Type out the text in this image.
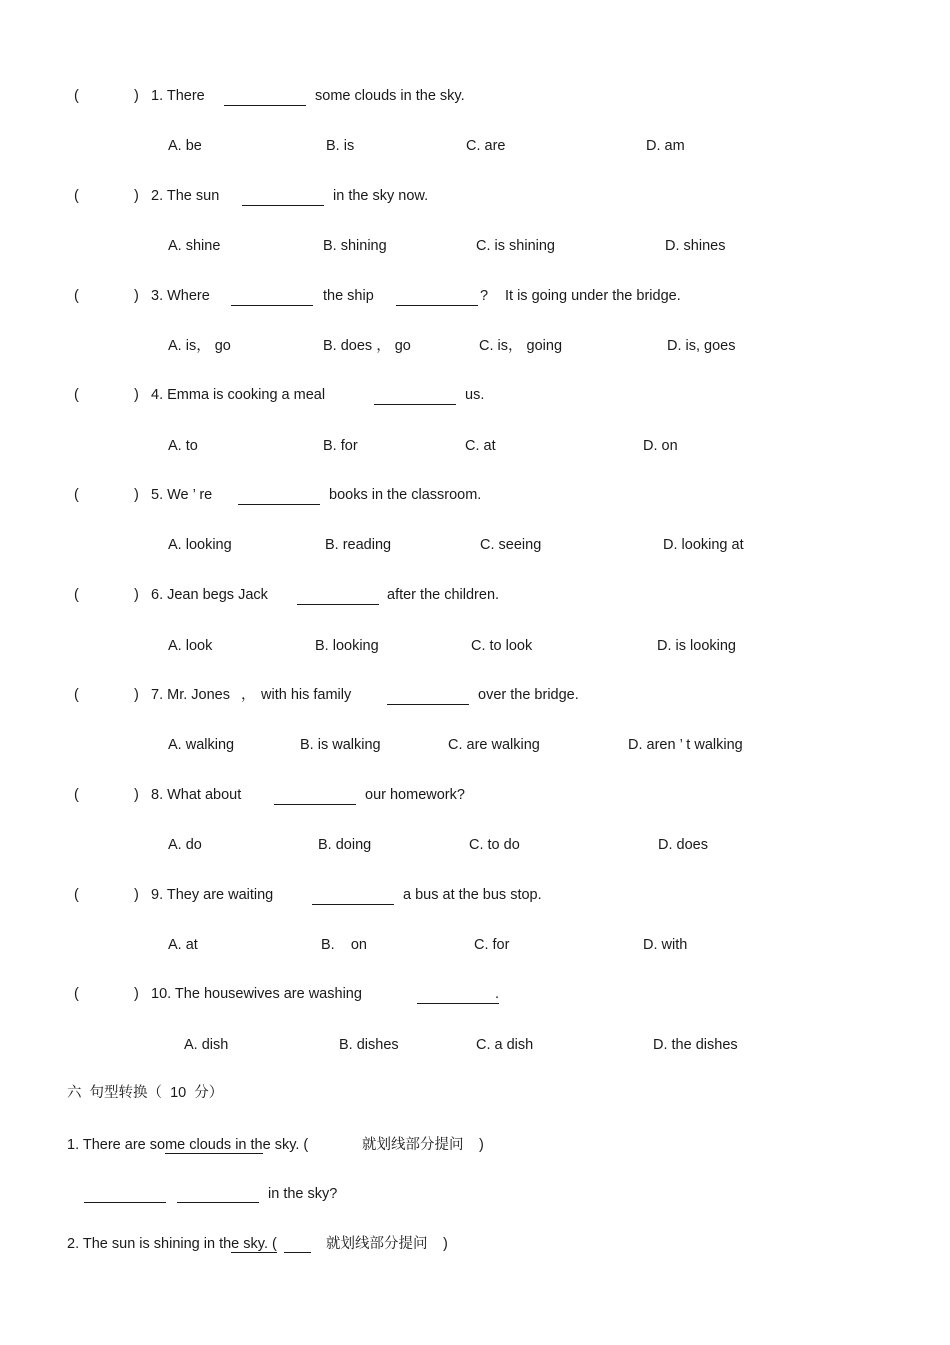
(	) 1. There	some clouds in the sky.
A. be	B. is	C. are	D. am
(	) 2. The sun	in the sky now.
A. shine	B. shining	C. is shining	D. shines
(	) 3. Where	the ship	? It is going under the bridge.
A. is， go	B. does ， go	C. is， going	D. is, goes
(	) 4. Emma is cooking a meal	us.
A. to	B. for	C. at	D. on
(	) 5. We ’ re	books in the classroom.
A. looking	B. reading	C. seeing	D. looking at
(	) 6. Jean begs Jack	after the children.
A. look	B. looking	C. to look	D. is looking
(	) 7. Mr. Jones ， with his family	over the bridge.
A. walking	B. is walking	C. are walking	D. aren ’ t walking
(	) 8. What about	our homework?
A. do	B. doing	C. to do	D. does
(	) 9. They are waiting	a bus at the bus stop.
A. at	B.    on	C. for	D. with
(	) 10. The housewives are washing	.
A. dish	B. dishes	C. a dish	D. the dishes
六  句型转换（  10  分）
1. There are some clouds in the sky. (	就划线部分提问 )
in the sky?
2. The sun is shining in the sky. (	就划线部分提问 )
